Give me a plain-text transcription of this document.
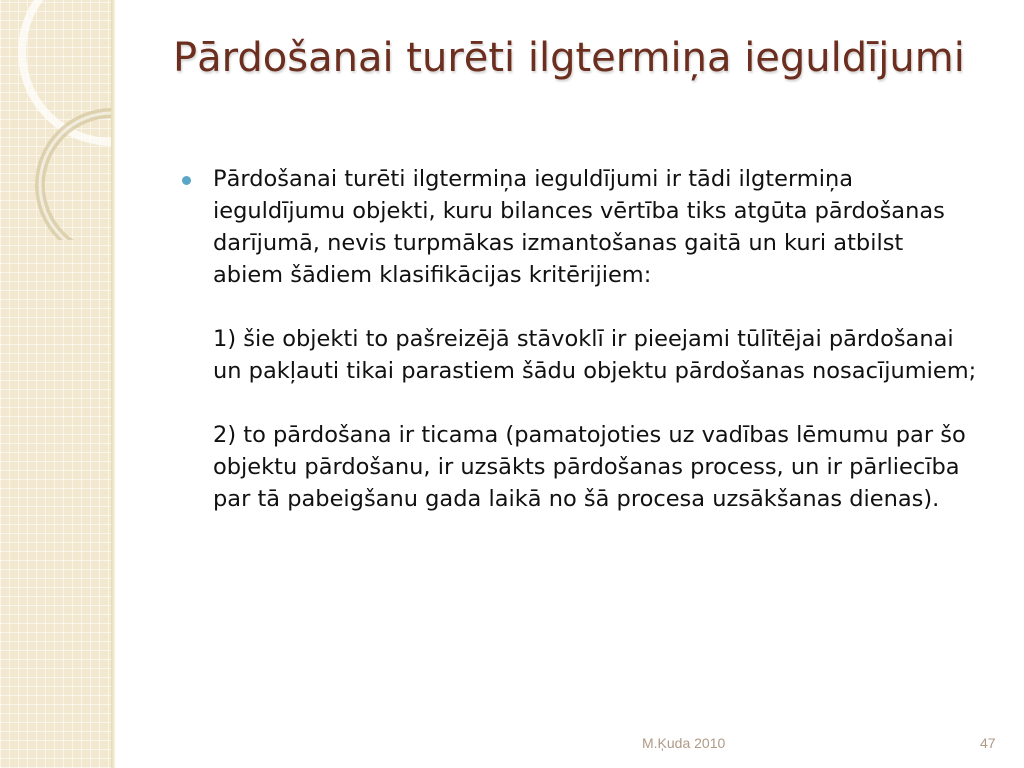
Pārdošanai turēti ilgtermiņa ieguldījumi

Pārdošanai turēti ilgtermiņa ieguldījumi ir tādi ilgtermiņa ieguldījumu objekti, kuru bilances vērtība tiks atgūta pārdošanas darījumā, nevis turpmākas izmantošanas gaitā un kuri atbilst abiem šādiem klasifikācijas kritērijiem:

1) šie objekti to pašreizējā stāvoklī ir pieejami tūlītējai pārdošanai un pakļauti tikai parastiem šādu objektu pārdošanas nosacījumiem;

2) to pārdošana ir ticama (pamatojoties uz vadības lēmumu par šo objektu pārdošanu, ir uzsākts pārdošanas process, un ir pārliecība par tā pabeigšanu gada laikā no šā procesa uzsākšanas dienas).

M.Ķuda 2010	47
